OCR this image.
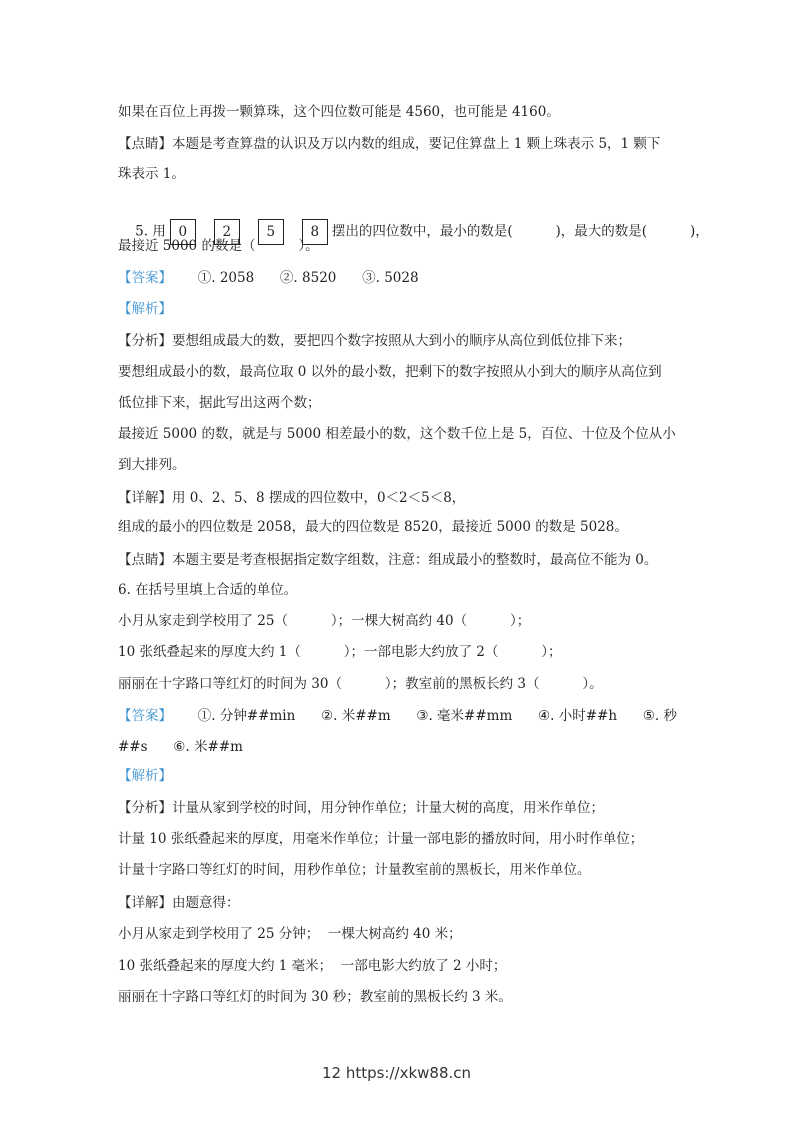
如果在百位上再拨一颗算珠，这个四位数可能是 4560，也可能是 4160。
【点睛】本题是考查算盘的认识及万以内数的组成，要记住算盘上 1 颗上珠表示 5，1 颗下
珠表示 1。
最接近 5000 的数是（          ）。
【答案】      ①. 2058      ②. 8520      ③. 5028
【解析】
【分析】要想组成最大的数，要把四个数字按照从大到小的顺序从高位到低位排下来；
要想组成最小的数，最高位取 0 以外的最小数，把剩下的数字按照从小到大的顺序从高位到
低位排下来，据此写出这两个数；
最接近 5000 的数，就是与 5000 相差最小的数，这个数千位上是 5，百位、十位及个位从小
到大排列。
【详解】用 0、2、5、8 摆成的四位数中，0＜2＜5＜8，
组成的最小的四位数是 2058，最大的四位数是 8520，最接近 5000 的数是 5028。
【点睛】本题主要是考查根据指定数字组数，注意：组成最小的整数时，最高位不能为 0。
6. 在括号里填上合适的单位。
小月从家走到学校用了 25（          ）；一棵大树高约 40（          ）；
10 张纸叠起来的厚度大约 1（          ）；一部电影大约放了 2（          ）；
丽丽在十字路口等红灯的时间为 30（          ）；教室前的黑板长约 3（          ）。
【答案】      ①. 分钟##min      ②. 米##m      ③. 毫米##mm      ④. 小时##h      ⑤. 秒
##s      ⑥. 米##m
【解析】
【分析】计量从家到学校的时间，用分钟作单位；计量大树的高度，用米作单位；
计量 10 张纸叠起来的厚度，用毫米作单位；计量一部电影的播放时间，用小时作单位；
计量十字路口等红灯的时间，用秒作单位；计量教室前的黑板长，用米作单位。
【详解】由题意得：
小月从家走到学校用了 25 分钟；  一棵大树高约 40 米；
10 张纸叠起来的厚度大约 1 毫米；  一部电影大约放了 2 小时；
丽丽在十字路口等红灯的时间为 30 秒；教室前的黑板长约 3 米。

5. 用 0	2	5	8 摆出的四位数中，最小的数是(          )，最大的数是(          )，

12 https://xkw88.cn
